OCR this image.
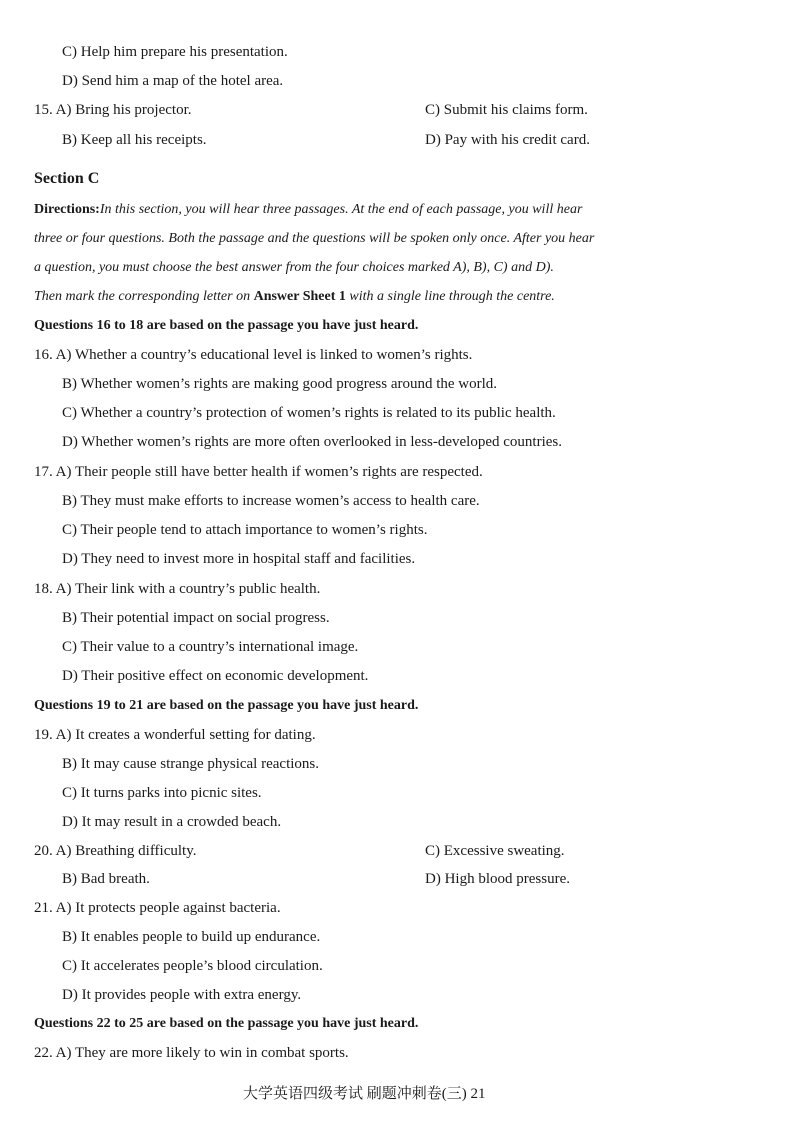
C) Help him prepare his presentation.
D) Send him a map of the hotel area.
15. A) Bring his projector.	C) Submit his claims form.
B) Keep all his receipts.	D) Pay with his credit card.
Section C
Directions:In this section, you will hear three passages. At the end of each passage, you will hear
three or four questions. Both the passage and the questions will be spoken only once. After you hear
a question, you must choose the best answer from the four choices marked A), B), C) and D).
Then mark the corresponding letter on Answer Sheet 1 with a single line through the centre.
Questions 16 to 18 are based on the passage you have just heard.
16. A) Whether a country’s educational level is linked to women’s rights.
B) Whether women’s rights are making good progress around the world.
C) Whether a country’s protection of women’s rights is related to its public health.
D) Whether women’s rights are more often overlooked in less-developed countries.
17. A) Their people still have better health if women’s rights are respected.
B) They must make efforts to increase women’s access to health care.
C) Their people tend to attach importance to women’s rights.
D) They need to invest more in hospital staff and facilities.
18. A) Their link with a country’s public health.
B) Their potential impact on social progress.
C) Their value to a country’s international image.
D) Their positive effect on economic development.
Questions 19 to 21 are based on the passage you have just heard.
19. A) It creates a wonderful setting for dating.
B) It may cause strange physical reactions.
C) It turns parks into picnic sites.
D) It may result in a crowded beach.
20. A) Breathing difficulty.	C) Excessive sweating.
B) Bad breath.	D) High blood pressure.
21. A) It protects people against bacteria.
B) It enables people to build up endurance.
C) It accelerates people’s blood circulation.
D) It provides people with extra energy.
Questions 22 to 25 are based on the passage you have just heard.
22. A) They are more likely to win in combat sports.
大学英语四级考试 刷题冲刺卷(三) 21
